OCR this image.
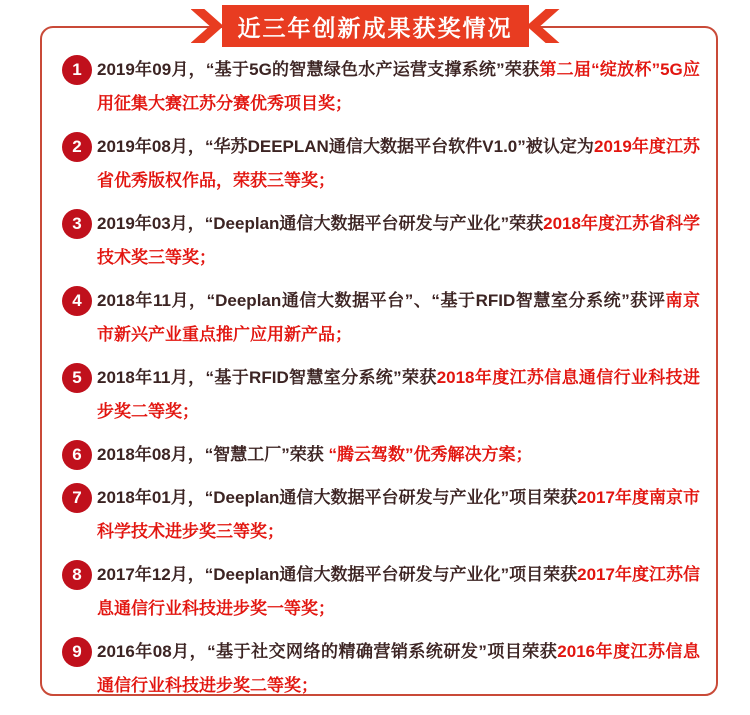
1 2019年09月，“基于5G的智慧绿色水产运营支撑系统”荣获第二届“绽放杯”5G应用征集大赛江苏分赛优秀项目奖；

2 2019年08月，“华苏DEEPLAN通信大数据平台软件V1.0”被认定为2019年度江苏省优秀版权作品，荣获三等奖；

3 2019年03月，“Deeplan通信大数据平台研发与产业化”荣获2018年度江苏省科学技术奖三等奖；

4 2018年11月，“Deeplan通信大数据平台”、“基于RFID智慧室分系统”获评南京市新兴产业重点推广应用新产品；

5 2018年11月，“基于RFID智慧室分系统”荣获2018年度江苏信息通信行业科技进步奖二等奖；

6 2018年08月，“智慧工厂”荣获 “腾云驾数”优秀解决方案；

7 2018年01月，“Deeplan通信大数据平台研发与产业化”项目荣获2017年度南京市科学技术进步奖三等奖；

8 2017年12月，“Deeplan通信大数据平台研发与产业化”项目荣获2017年度江苏信息通信行业科技进步奖一等奖；

9 2016年08月，“基于社交网络的精确营销系统研发”项目荣获2016年度江苏信息通信行业科技进步奖二等奖；

近三年创新成果获奖情况
